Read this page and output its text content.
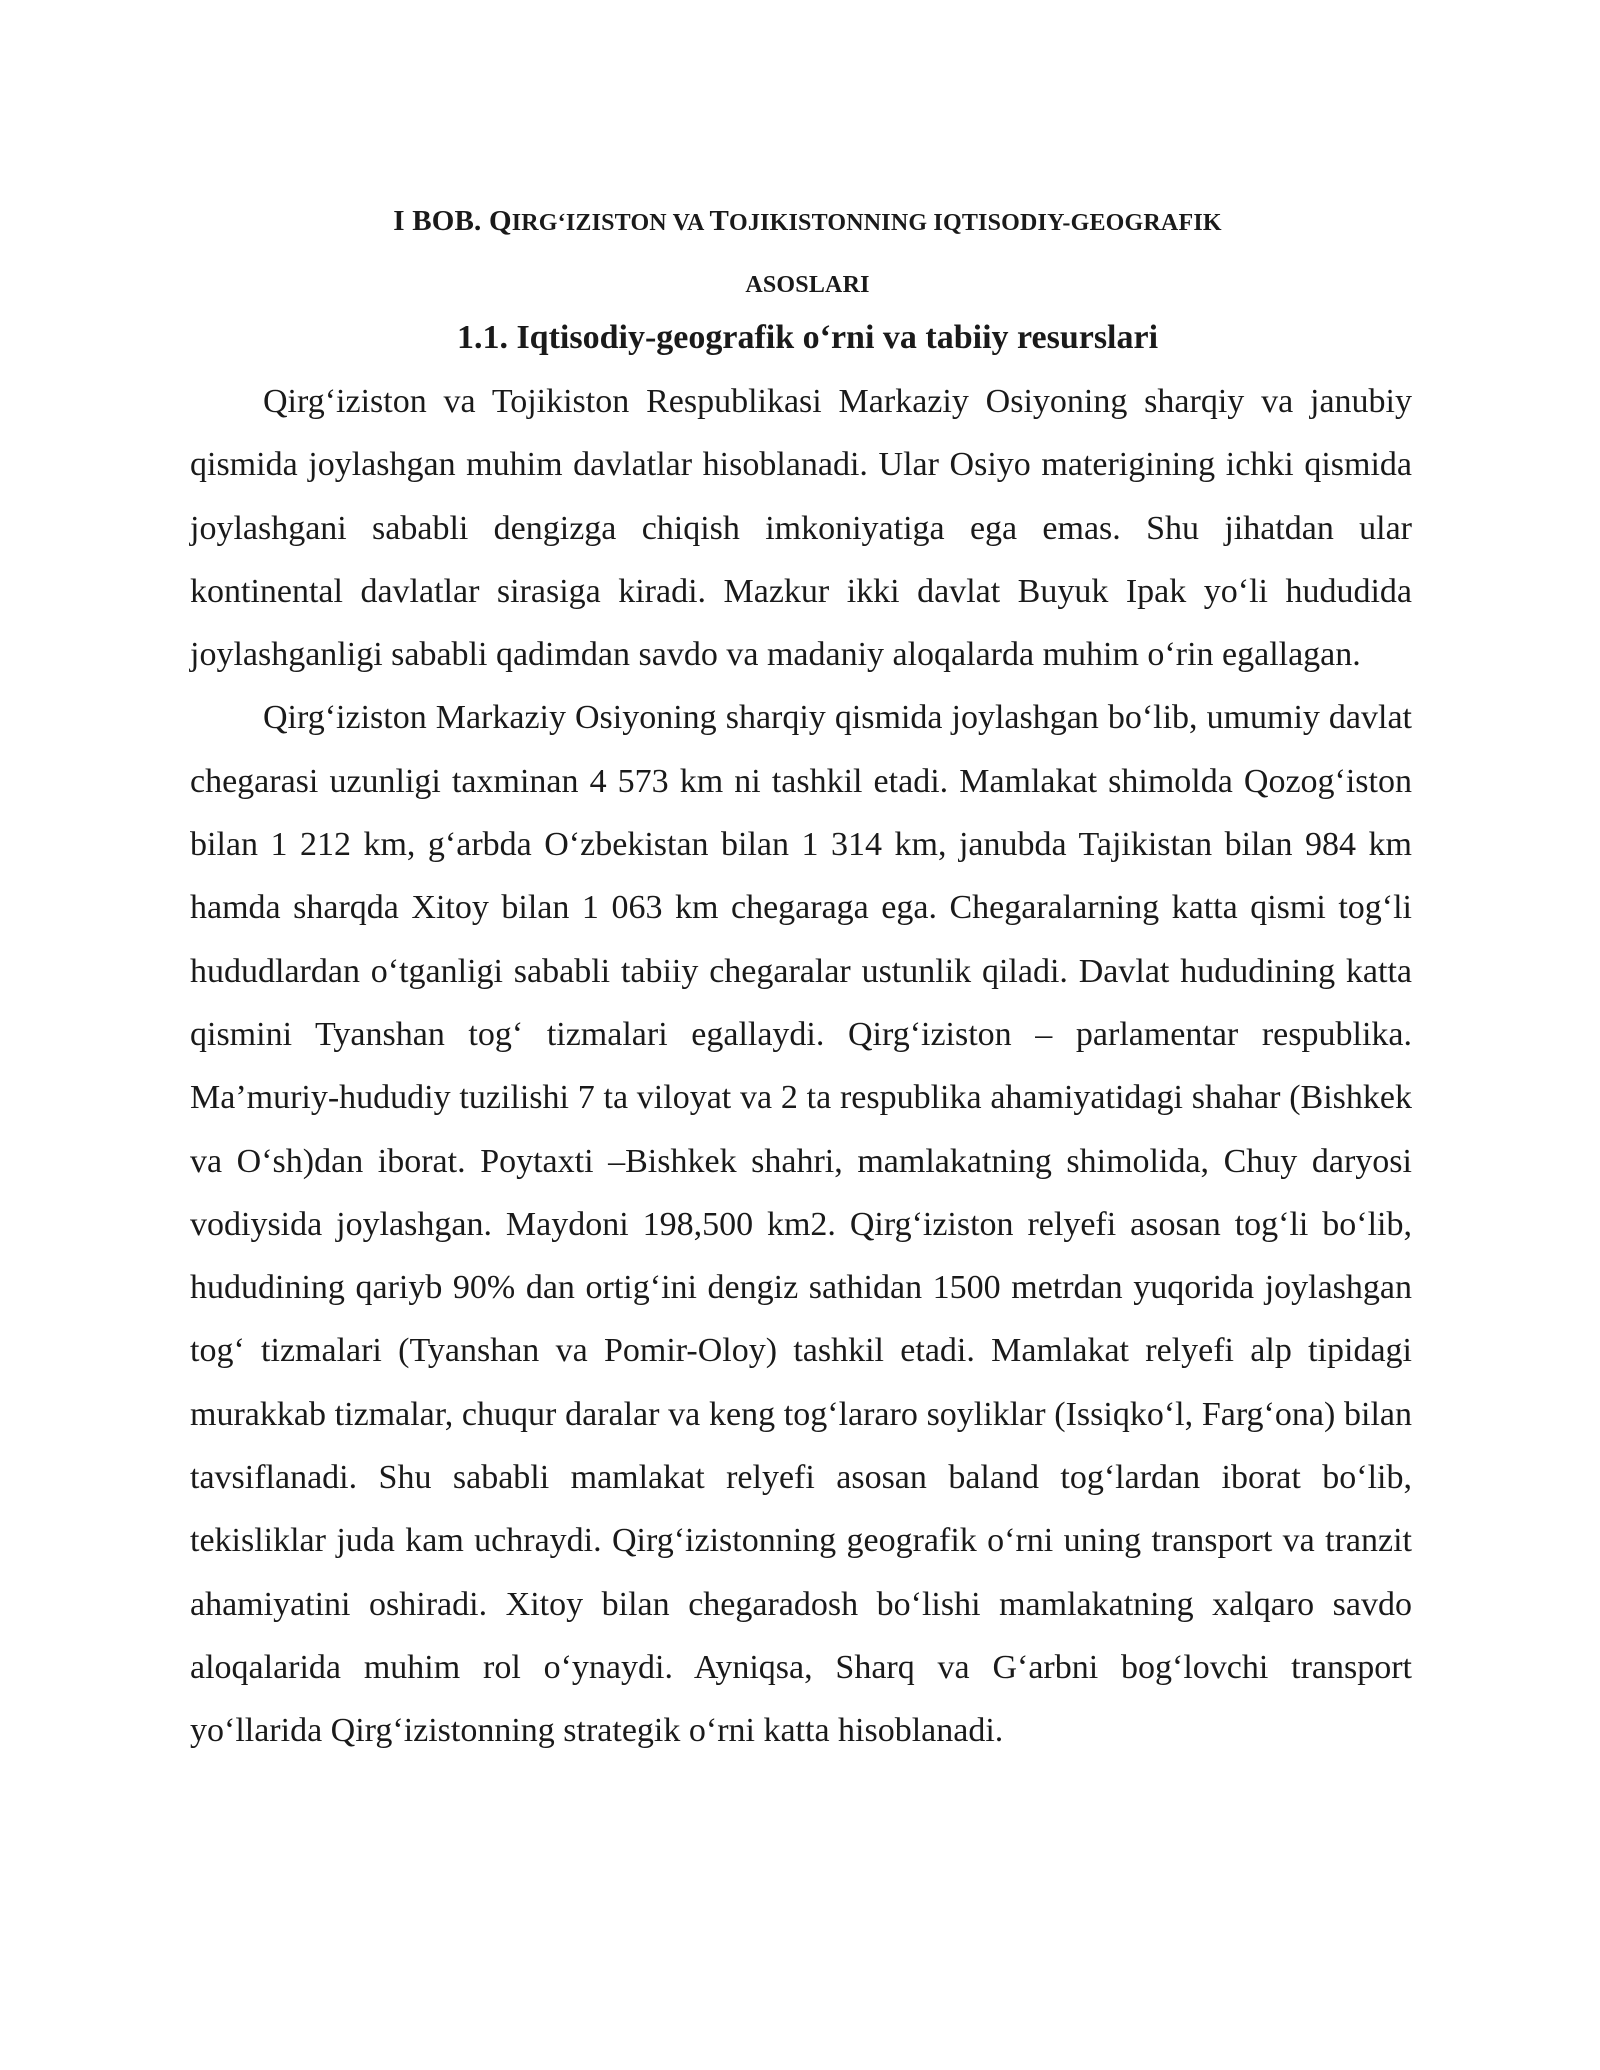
I BOB. QIRG‘IZISTON VA TOJIKISTONNING IQTISODIY-GEOGRAFIK
ASOSLARI
1.1. Iqtisodiy-geografik o‘rni va tabiiy resurslari

Qirg‘iziston va Tojikiston Respublikasi Markaziy Osiyoning sharqiy va janubiy qismida joylashgan muhim davlatlar hisoblanadi. Ular Osiyo materigining ichki qismida joylashgani sababli dengizga chiqish imkoniyatiga ega emas. Shu jihatdan ular kontinental davlatlar sirasiga kiradi. Mazkur ikki davlat Buyuk Ipak yo‘li hududida joylashganligi sababli qadimdan savdo va madaniy aloqalarda muhim o‘rin egallagan.

Qirg‘iziston Markaziy Osiyoning sharqiy qismida joylashgan bo‘lib, umumiy davlat chegarasi uzunligi taxminan 4 573 km ni tashkil etadi. Mamlakat shimolda Qozog‘iston bilan 1 212 km, g‘arbda O‘zbekistan bilan 1 314 km, janubda Tajikistan bilan 984 km hamda sharqda Xitoy bilan 1 063 km chegaraga ega. Chegaralarning katta qismi tog‘li hududlardan o‘tganligi sababli tabiiy chegaralar ustunlik qiladi. Davlat hududining katta qismini Tyanshan tog‘ tizmalari egallaydi. Qirg‘iziston – parlamentar respublika. Ma’muriy-hududiy tuzilishi 7 ta viloyat va 2 ta respublika ahamiyatidagi shahar (Bishkek va O‘sh)dan iborat. Poytaxti –Bishkek shahri, mamlakatning shimolida, Chuy daryosi vodiysida joylashgan. Maydoni 198,500 km2. Qirg‘iziston relyefi asosan tog‘li bo‘lib, hududining qariyb 90% dan ortig‘ini dengiz sathidan 1500 metrdan yuqorida joylashgan tog‘ tizmalari (Tyanshan va Pomir-Oloy) tashkil etadi. Mamlakat relyefi alp tipidagi murakkab tizmalar, chuqur daralar va keng tog‘lararo soyliklar (Issiqko‘l, Farg‘ona) bilan tavsiflanadi. Shu sababli mamlakat relyefi asosan baland tog‘lardan iborat bo‘lib, tekisliklar juda kam uchraydi. Qirg‘izistonning geografik o‘rni uning transport va tranzit ahamiyatini oshiradi. Xitoy bilan chegaradosh bo‘lishi mamlakatning xalqaro savdo aloqalarida muhim rol o‘ynaydi. Ayniqsa, Sharq va G‘arbni bog‘lovchi transport yo‘llarida Qirg‘izistonning strategik o‘rni katta hisoblanadi.
